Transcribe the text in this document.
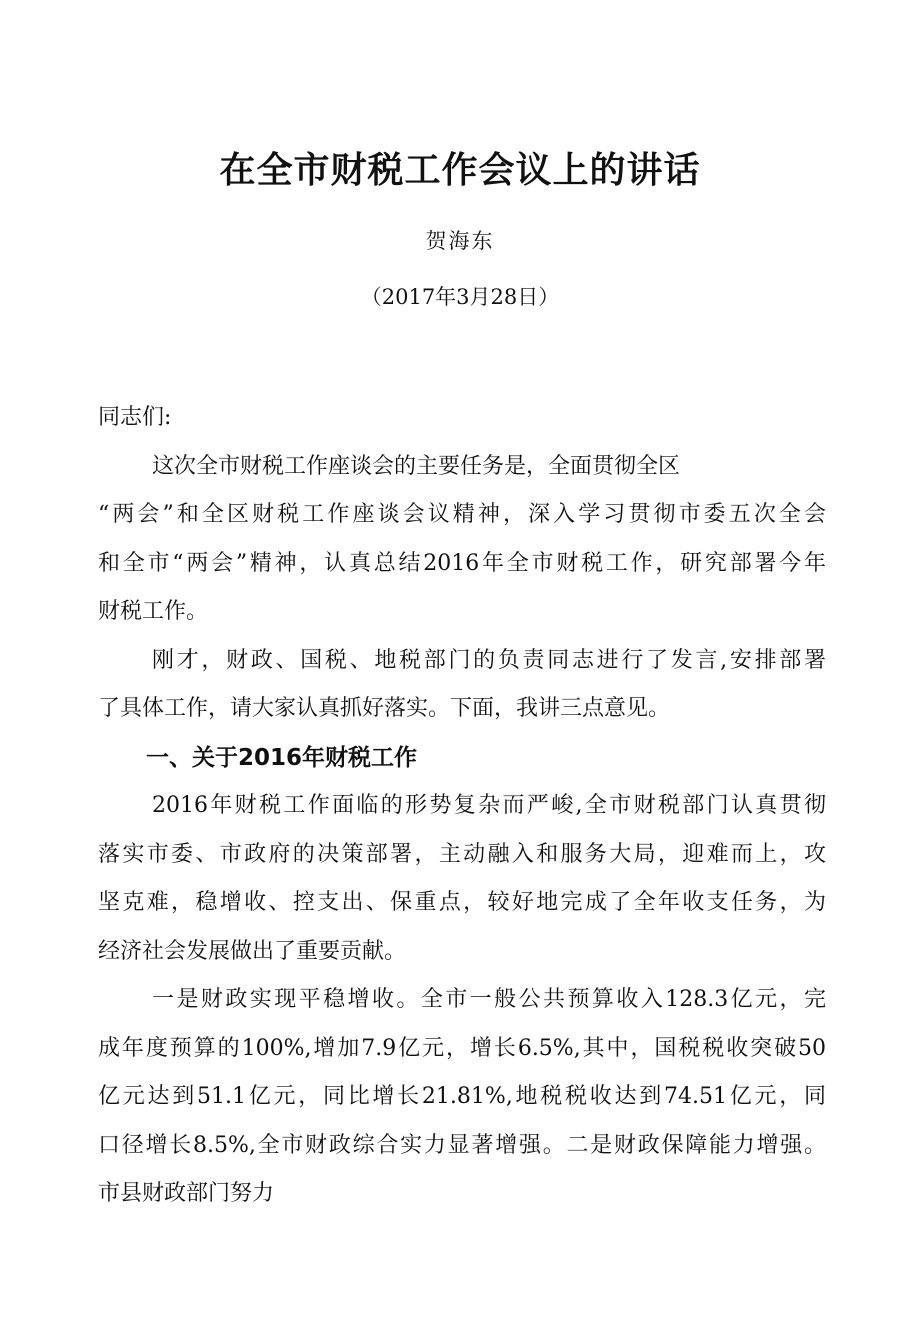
在全市财税工作会议上的讲话
贺海东
（2017年3月28日）

同志们:

这次全市财税工作座谈会的主要任务是，全面贯彻全区

“两会”和全区财税工作座谈会议精神，深入学习贯彻市委五次全会

和全市“两会”精神，认真总结2016年全市财税工作，研究部署今年

财税工作。

刚才，财政、国税、地税部门的负责同志进行了发言,安排部署

了具体工作，请大家认真抓好落实。下面，我讲三点意见。

一、关于2016年财税工作

2016年财税工作面临的形势复杂而严峻,全市财税部门认真贯彻

落实市委、市政府的决策部署，主动融入和服务大局，迎难而上，攻

坚克难，稳增收、控支出、保重点，较好地完成了全年收支任务，为

经济社会发展做出了重要贡献。

一是财政实现平稳增收。全市一般公共预算收入128.3亿元，完

成年度预算的100%,增加7.9亿元，增长6.5%,其中，国税税收突破50

亿元达到51.1亿元，同比增长21.81%,地税税收达到74.51亿元，同

口径增长8.5%,全市财政综合实力显著增强。二是财政保障能力增强。

市县财政部门努力
